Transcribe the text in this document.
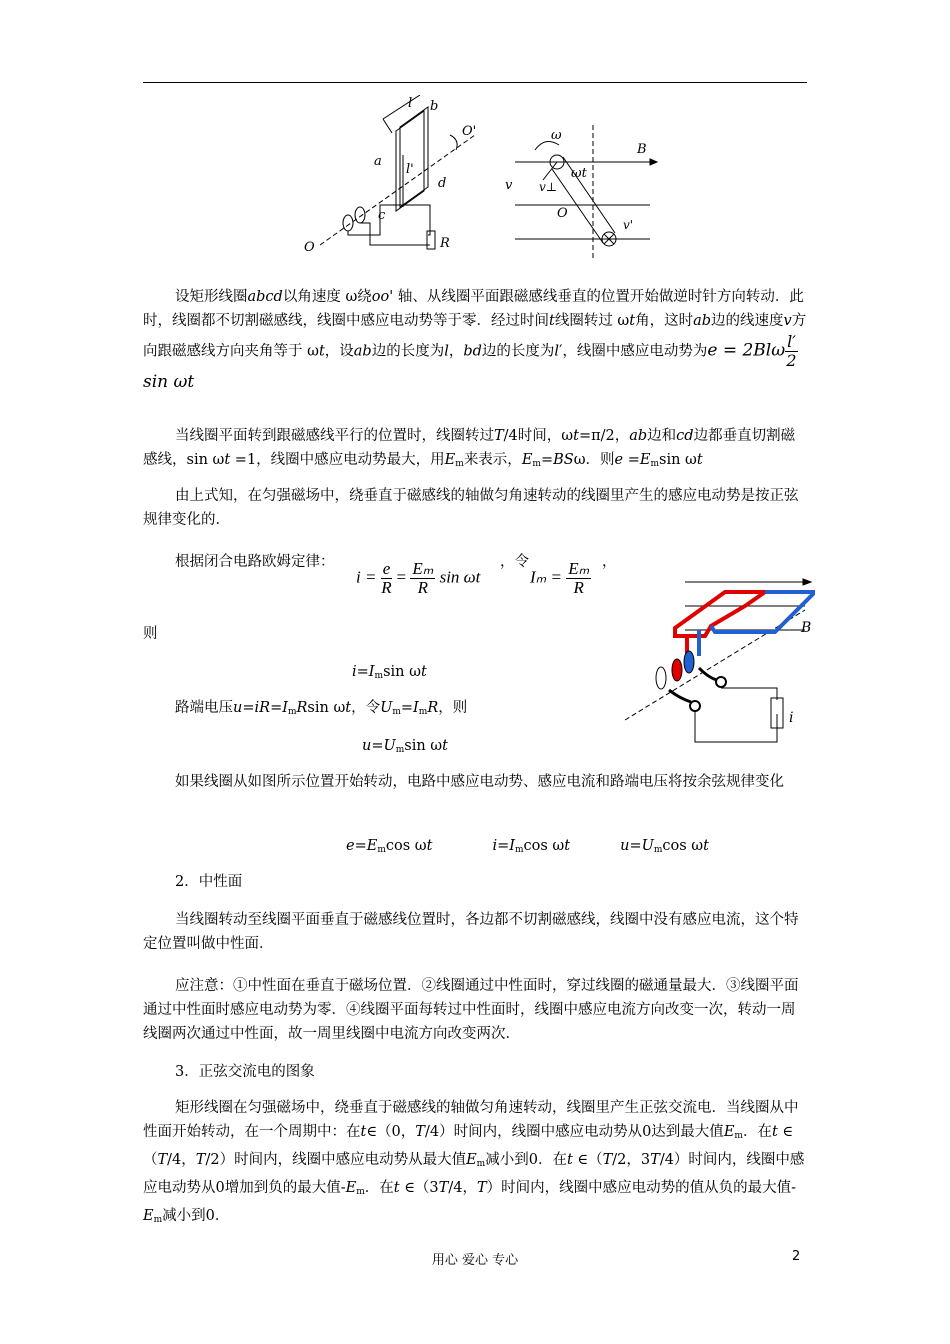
l b
O'
a
l'
d
c
O	R
ω
B
ωt
v v⊥
O
v'
B
i

设矩形线圈abcd以角速度 ω绕oo' 轴、从线圈平面跟磁感线垂直的位置开始做逆时针方向转动．此时，线圈都不切割磁感线，线圈中感应电动势等于零．经过时间t线圈转过 ωt角，这时ab边的线速度v方向跟磁感线方向夹角等于 ωt，设ab边的长度为l，bd边的长度为l′，线圈中感应电动势为$e = 2Bl\omega \frac{l'}{2}$
sin ωt

当线圈平面转到跟磁感线平行的位置时，线圈转过T/4时间，ωt=π/2，ab边和cd边都垂直切割磁感线，sin ωt =1，线圈中感应电动势最大，用$E_m$来表示，$E_m=BS\omega$．则$e =E_m\sin$ ωt

由上式知，在匀强磁场中，绕垂直于磁感线的轴做匀角速转动的线圈里产生的感应电动势是按正弦规律变化的．

根据闭合电路欧姆定律：	，令	，
$i = \frac{e}{R} = \frac{\text{Eₘ}}{R}$ sin ωt	$I_m = \frac{\text{Eₘ}}{R}$
则
$i=I_m\sin$ ωt
路端电压$u=iR=I_mRsin$ ωt，令$U_m=I_mR$，则
$u=U_m\sin$ ωt

如果线圈从如图所示位置开始转动，电路中感应电动势、感应电流和路端电压将按余弦规律变化

$e=E_m\cos$ ωt	$i=I_m\cos$ ωt	$u=U_m\cos$ ωt
2．中性面

当线圈转动至线圈平面垂直于磁感线位置时，各边都不切割磁感线，线圈中没有感应电流，这个特定位置叫做中性面．

应注意：①中性面在垂直于磁场位置．②线圈通过中性面时，穿过线圈的磁通量最大．③线圈平面通过中性面时感应电动势为零．④线圈平面每转过中性面时，线圈中感应电流方向改变一次，转动一周线圈两次通过中性面，故一周里线圈中电流方向改变两次．

3．正弦交流电的图象

矩形线圈在匀强磁场中，绕垂直于磁感线的轴做匀角速转动，线圈里产生正弦交流电．当线圈从中性面开始转动，在一个周期中：在t∈（0，T/4）时间内，线圈中感应电动势从0达到最大值$E_m$．在t ∈ （T/4，T/2）时间内，线圈中感应电动势从最大值$E_m$减小到0．在t ∈（T/2，3T/4）时间内，线圈中感应电动势从0增加到负的最大值$-E_m$．在t ∈（3T/4，T）时间内，线圈中感应电动势的值从负的最大值$-E_m$减小到0．

用心 爱心 专心	2
